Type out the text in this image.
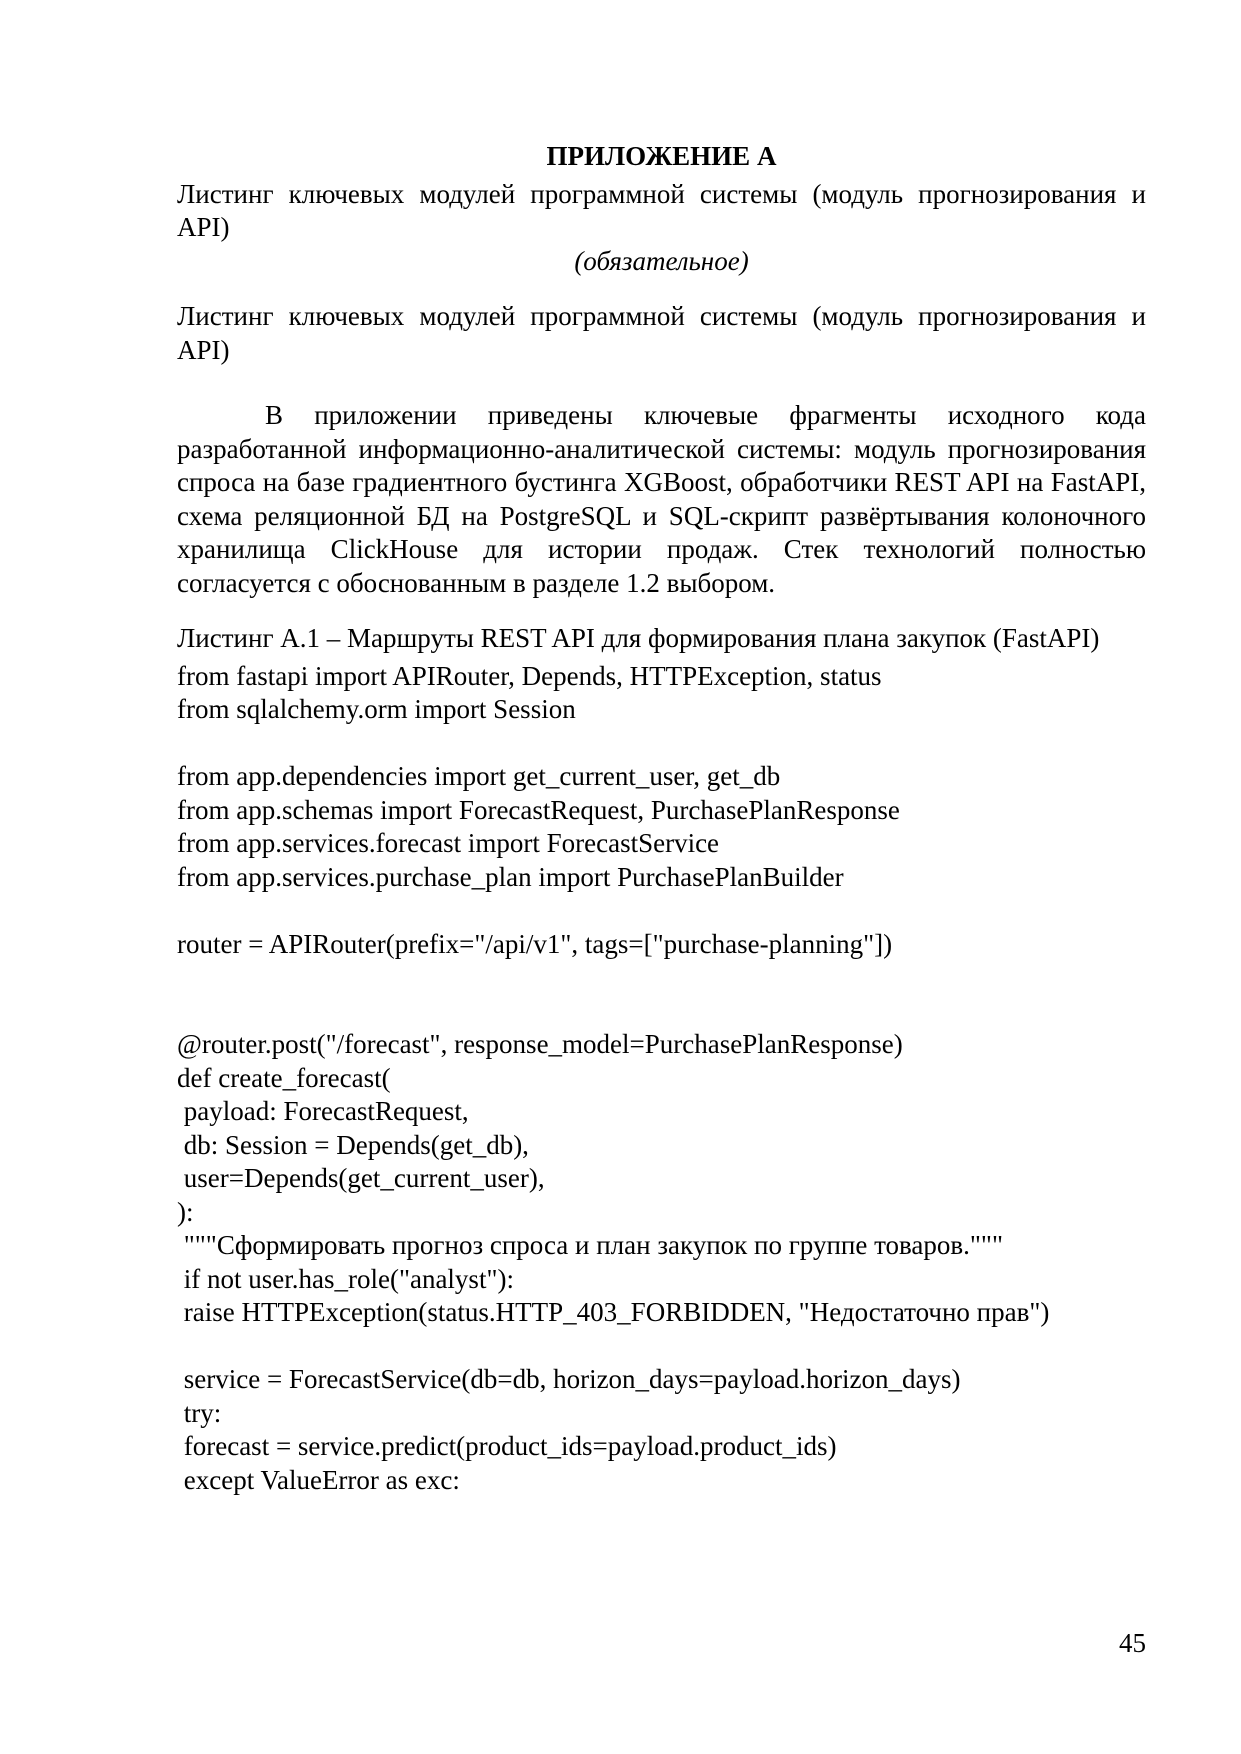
ПРИЛОЖЕНИЕ А
Листинг ключевых модулей программной системы (модуль прогнозирования и API)
(обязательное)
Листинг ключевых модулей программной системы (модуль прогнозирования и API)
В приложении приведены ключевые фрагменты исходного кода разработанной информационно-аналитической системы: модуль прогнозирования спроса на базе градиентного бустинга XGBoost, обработчики REST API на FastAPI, схема реляционной БД на PostgreSQL и SQL-скрипт развёртывания колоночного хранилища ClickHouse для истории продаж. Стек технологий полностью согласуется с обоснованным в разделе 1.2 выбором.
Листинг А.1 – Маршруты REST API для формирования плана закупок (FastAPI)
from fastapi import APIRouter, Depends, HTTPException, status
from sqlalchemy.orm import Session
from app.dependencies import get_current_user, get_db
from app.schemas import ForecastRequest, PurchasePlanResponse
from app.services.forecast import ForecastService
from app.services.purchase_plan import PurchasePlanBuilder
router = APIRouter(prefix="/api/v1", tags=["purchase-planning"])
@router.post("/forecast", response_model=PurchasePlanResponse)
def create_forecast(
payload: ForecastRequest,
db: Session = Depends(get_db),
user=Depends(get_current_user),
):
"""Сформировать прогноз спроса и план закупок по группе товаров."""
if not user.has_role("analyst"):
raise HTTPException(status.HTTP_403_FORBIDDEN, "Недостаточно прав")
service = ForecastService(db=db, horizon_days=payload.horizon_days)
try:
forecast = service.predict(product_ids=payload.product_ids)
except ValueError as exc:
45
